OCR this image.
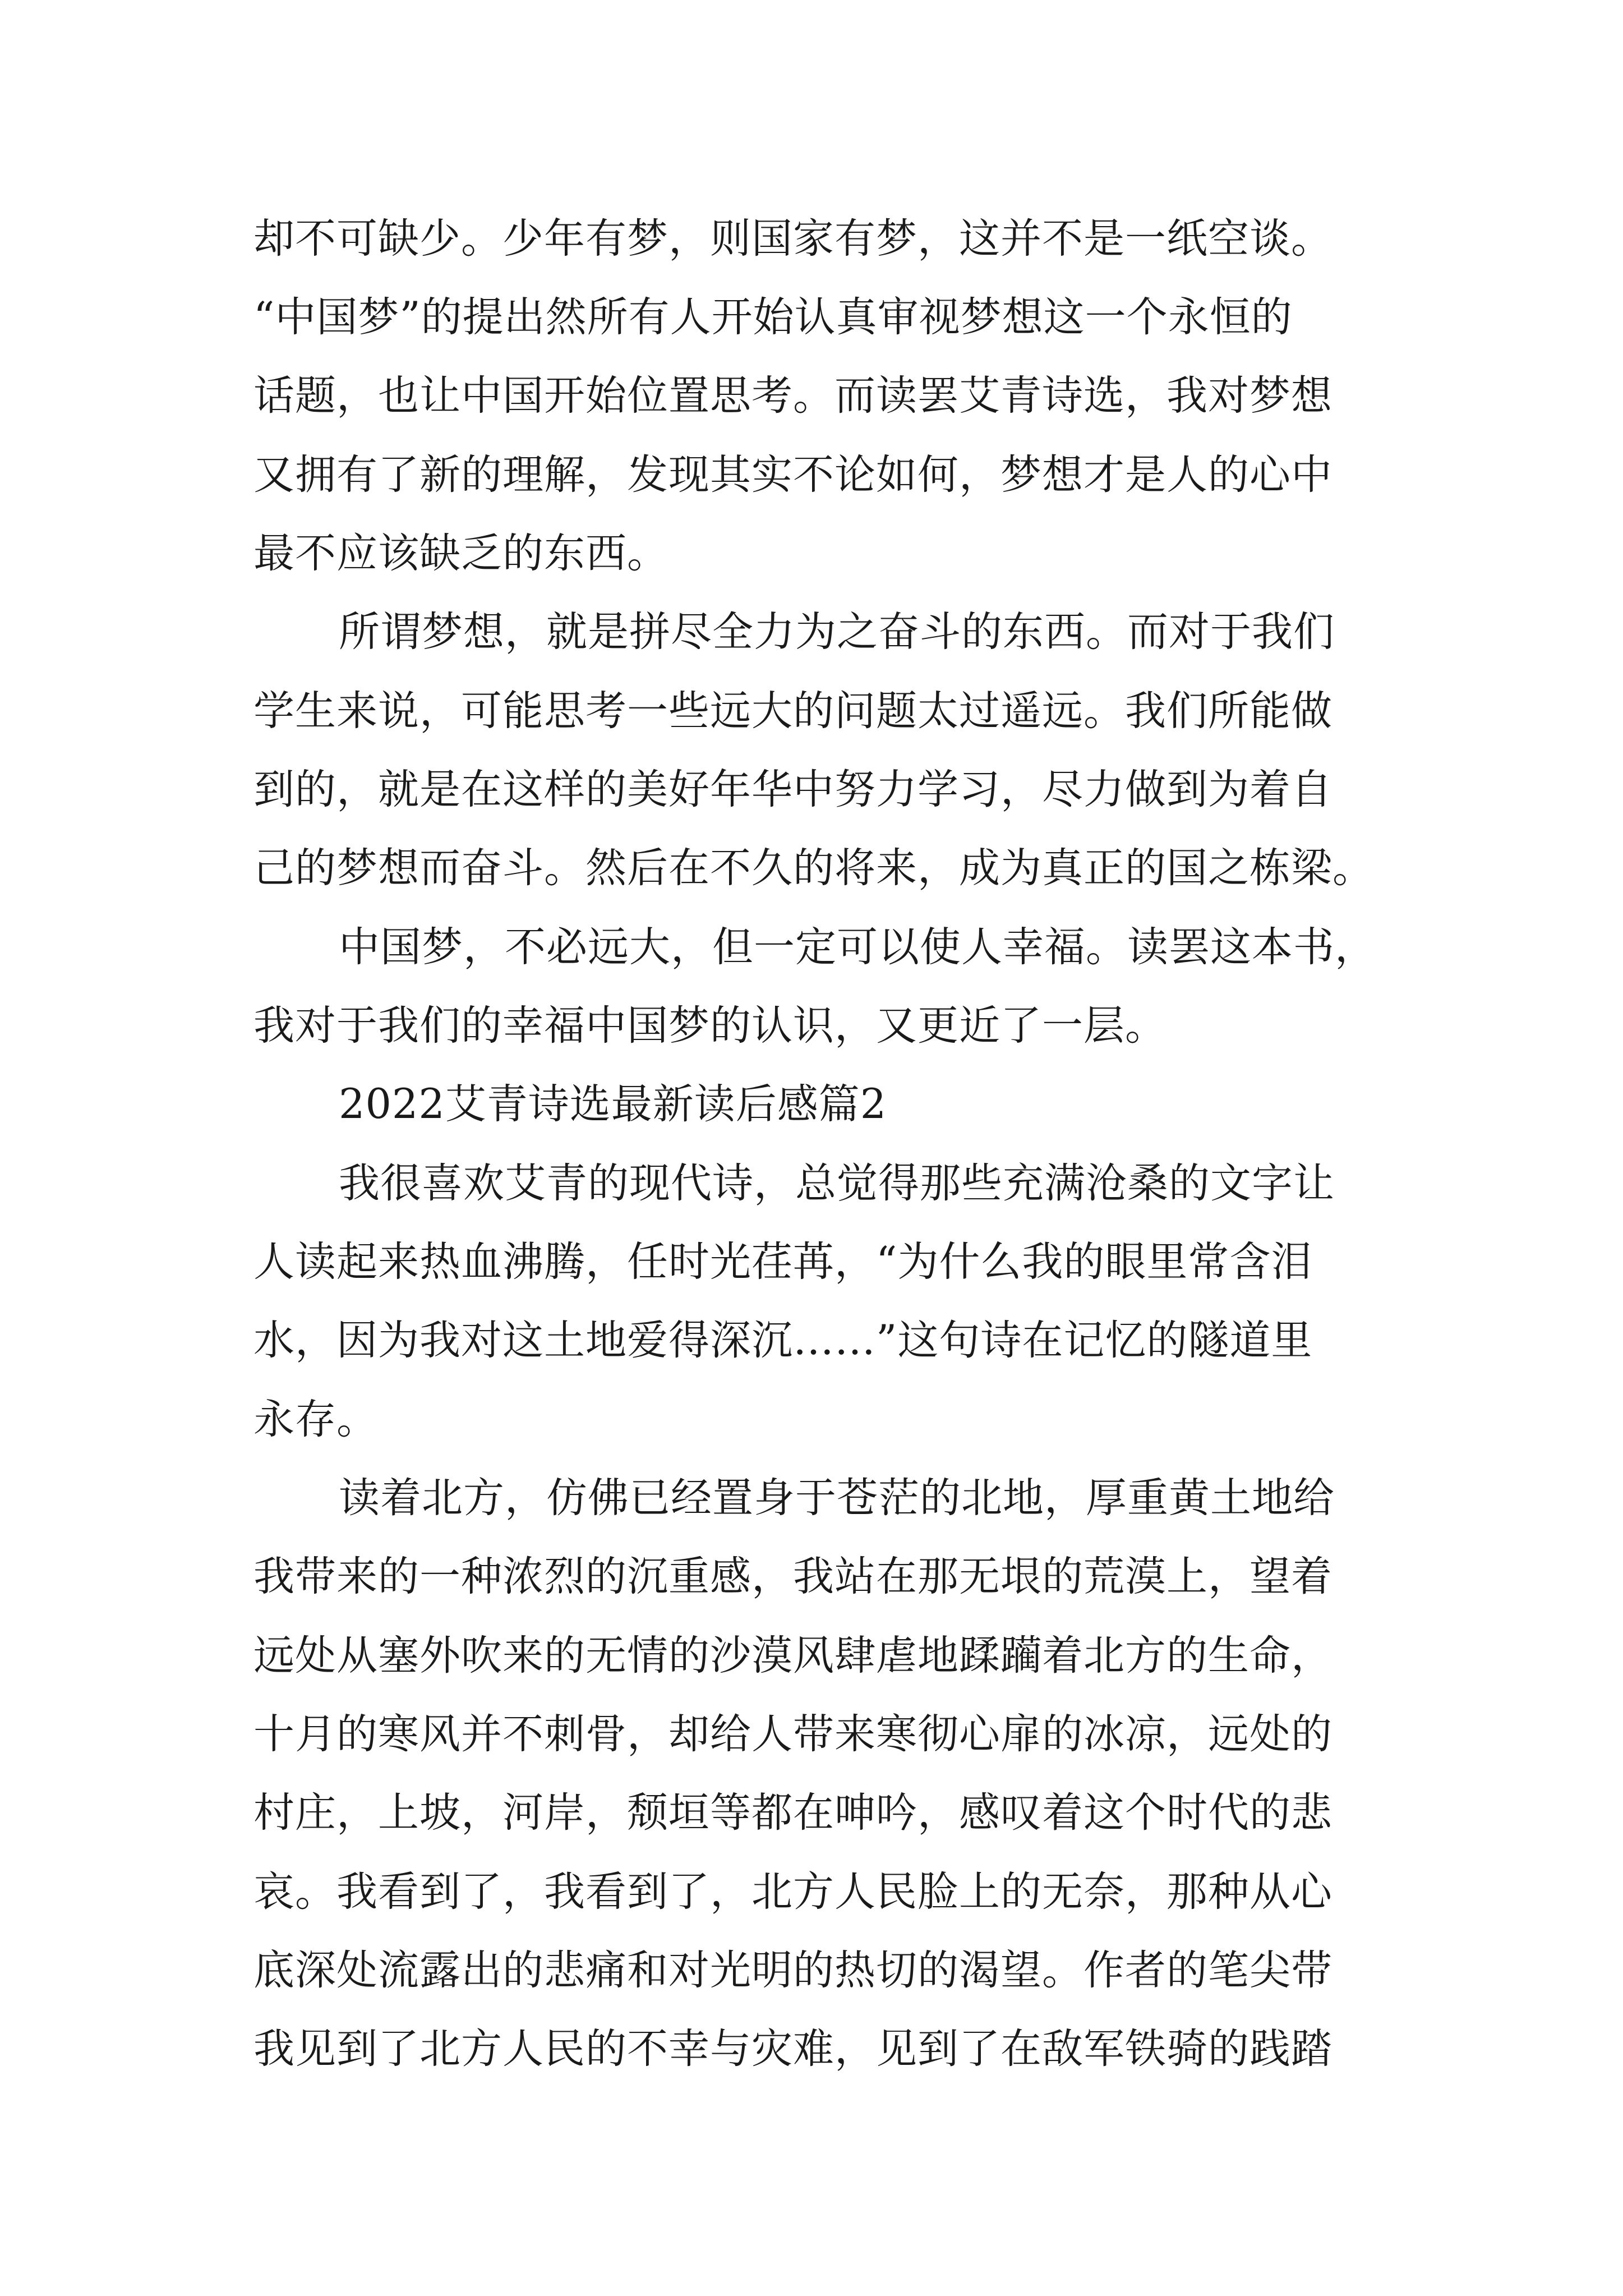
却不可缺少。少年有梦，则国家有梦，这并不是一纸空谈。
“中国梦”的提出然所有人开始认真审视梦想这一个永恒的
话题，也让中国开始位置思考。而读罢艾青诗选，我对梦想
又拥有了新的理解，发现其实不论如何，梦想才是人的心中
最不应该缺乏的东西。
所谓梦想，就是拼尽全力为之奋斗的东西。而对于我们
学生来说，可能思考一些远大的问题太过遥远。我们所能做
到的，就是在这样的美好年华中努力学习，尽力做到为着自
己的梦想而奋斗。然后在不久的将来，成为真正的国之栋梁。
中国梦，不必远大，但一定可以使人幸福。读罢这本书，
我对于我们的幸福中国梦的认识，又更近了一层。
2022艾青诗选最新读后感篇2
我很喜欢艾青的现代诗，总觉得那些充满沧桑的文字让
人读起来热血沸腾，任时光荏苒，“为什么我的眼里常含泪
水，因为我对这土地爱得深沉……”这句诗在记忆的隧道里
永存。
读着北方，仿佛已经置身于苍茫的北地，厚重黄土地给
我带来的一种浓烈的沉重感，我站在那无垠的荒漠上，望着
远处从塞外吹来的无情的沙漠风肆虐地蹂躏着北方的生命，
十月的寒风并不刺骨，却给人带来寒彻心扉的冰凉，远处的
村庄，上坡，河岸，颓垣等都在呻吟，感叹着这个时代的悲
哀。我看到了，我看到了，北方人民脸上的无奈，那种从心
底深处流露出的悲痛和对光明的热切的渴望。作者的笔尖带
我见到了北方人民的不幸与灾难，见到了在敌军铁骑的践踏
